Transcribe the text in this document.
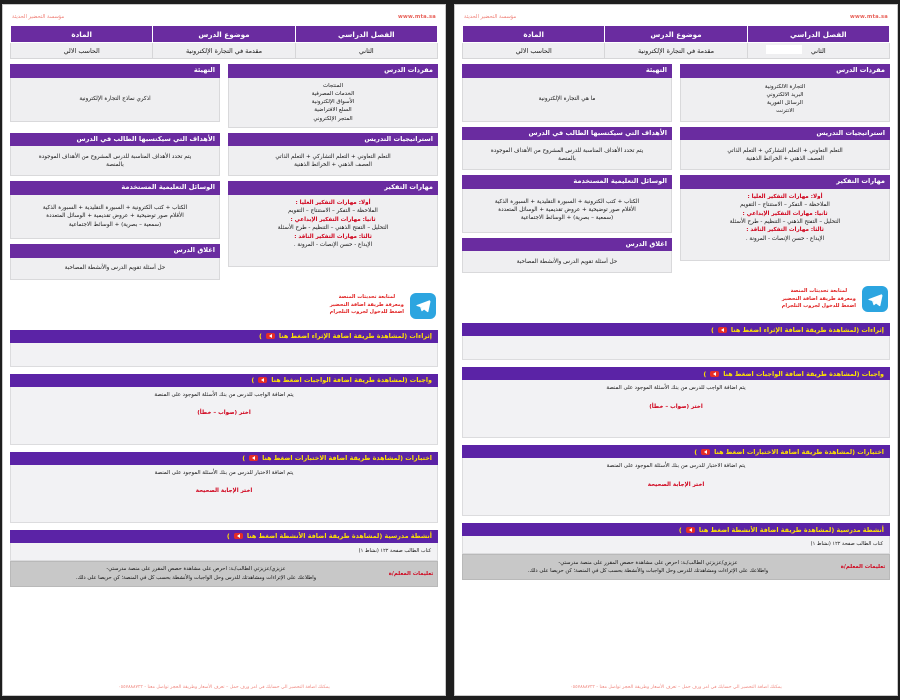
www.mta.sa
مؤسسة التحضير الحديثة
الفصل الدراسي	موضوع الدرس	المادة

الثاني	مقدمة في التجارة الإلكترونية	الحاسب الالي
مفردات الدرس
التجارة الالكترونية
البريد الالكتروني
الرسائل الفورية
الانترنت
التهيئة
ما هي التجارة الإلكترونية
استراتيجيات التدريس
التعلم التعاوني + التعلم التشاركي + التعلم الذاتي
العصف الذهني + الخرائط الذهنية
الأهداف التي سيكتسبها الطالب في الدرس
يتم تحدد الأهداف المناسبة للدرس المشروح من الأهداف الموجودة
بالمنصة
مهارات التفكير
أولا: مهارات التفكير العليا :
الملاحظة – التفكر – الاستنتاج – التقويم
ثانيا: مهارات التفكير الإبداعي :
التحليل – التفتح الذهني – التنظيم - طرح الأسئلة
ثالثا: مهارات التفكير الناقد :
الإبداع - حسن الإنصات - المرونة .
الوسائل التعليمية المستخدمة
الكتاب + كتب الكترونية + السبورة التقليدية + السبورة الذكية
الأقلام صور توضيحية + عروض تقديمية + الوسائل المتعددة
(سمعية – بصرية) + الوسائط الاجتماعية
اغلاق الدرس
حل أسئلة تقويم الدرس والأنشطة المصاحبة
لمتابعة تحديثات المنصة
ومعرفة طريقة اضافة التحضير
اضغط للدخول لجروب التلجرام
إثراءات (لمشاهدة طريقة اضافة الإثراء اضغط هنا
)
واجبات (لمشاهدة طريقة اضافة الواجبات اضغط هنا
)
يتم اضافة الواجب للدرس من بنك الأسئلة الموجود على المنصة
اختر (صواب – خطأ)
اختبارات (لمشاهدة طريقة اضافة الاختبارات اضغط هنا
)
يتم اضافة الاختبار للدرس من بنك الأسئلة الموجود على المنصة
اختر الإجابة الصحيحة
أنشطة مدرسية (لمشاهدة طريقة اضافة الأنشطة اضغط هنا
)
كتاب الطالب صفحة ١٢٢ (نشاط ١)
تعليمات المعلم/ة
عزيزي/عزيزتي الطالب/ـة: احرص على مشاهدة حصص المقرر على منصة مدرستي-
واطلاعك على الإثراءات ومشاهدتك للدرس وحل الواجبات والأنشطة بحسب كل في المنصة؛ كن حريصا على ذلك.
يمكنك اضافة التحضير الي حسابك في امر ورف حمل – تعرف الأسعار وطريقة الحجز تواصل معنا - ٠٥٥٧٨٨٨٧٢٢
www.mta.sa
مؤسسة التحضير الحديثة
الفصل الدراسي	موضوع الدرس	المادة
الثاني	مقدمة في التجارة الإلكترونية	الحاسب الالي
مفردات الدرس
المنتجات
الخدمات المصرفية
الأسواق الإلكترونية
السلع الافتراضية
المتجر الإلكتروني
التهيئة
اذكري نماذج التجارة الإلكترونية
استراتيجيات التدريس
التعلم التعاوني + التعلم التشاركي + التعلم الذاتي
العصف الذهني + الخرائط الذهنية
الأهداف التي سيكتسبها الطالب في الدرس
يتم تحدد الأهداف المناسبة للدرس المشروح من الأهداف الموجودة
بالمنصة
مهارات التفكير
أولا: مهارات التفكير العليا :
الملاحظة – التفكر – الاستنتاج – التقويم
ثانيا: مهارات التفكير الإبداعي :
التحليل – التفتح الذهني – التنظيم - طرح الأسئلة
ثالثا: مهارات التفكير الناقد :
الإبداع - حسن الإنصات - المرونة .
الوسائل التعليمية المستخدمة
الكتاب + كتب الكترونية + السبورة التقليدية + السبورة الذكية
الأقلام صور توضيحية + عروض تقديمية + الوسائل المتعددة
(سمعية – بصرية) + الوسائط الاجتماعية
اغلاق الدرس
حل أسئلة تقويم الدرس والأنشطة المصاحبة
لمتابعة تحديثات المنصة
ومعرفة طريقة اضافة التحضير
اضغط للدخول لجروب التلجرام
إثراءات (لمشاهدة طريقة اضافة الإثراء اضغط هنا
)
واجبات (لمشاهدة طريقة اضافة الواجبات اضغط هنا
)
يتم اضافة الواجب للدرس من بنك الأسئلة الموجود على المنصة
اختر (صواب – خطأ)
اختبارات (لمشاهدة طريقة اضافة الاختبارات اضغط هنا
)
يتم اضافة الاختبار للدرس من بنك الأسئلة الموجود على المنصة
اختر الإجابة الصحيحة
أنشطة مدرسية (لمشاهدة طريقة اضافة الأنشطة اضغط هنا
)
كتاب الطالب صفحة ١٢٢ (نشاط ١)
تعليمات المعلم/ة
عزيزي/عزيزتي الطالب/ـة: احرص على مشاهدة حصص المقرر على منصة مدرستي-
واطلاعك على الإثراءات ومشاهدتك للدرس وحل الواجبات والأنشطة بحسب كل في المنصة؛ كن حريصا على ذلك.
يمكنك اضافة التحضير الي حسابك في امر ورف حمل – تعرف الأسعار وطريقة الحجز تواصل معنا - ٠٥٥٧٨٨٨٧٢٢
